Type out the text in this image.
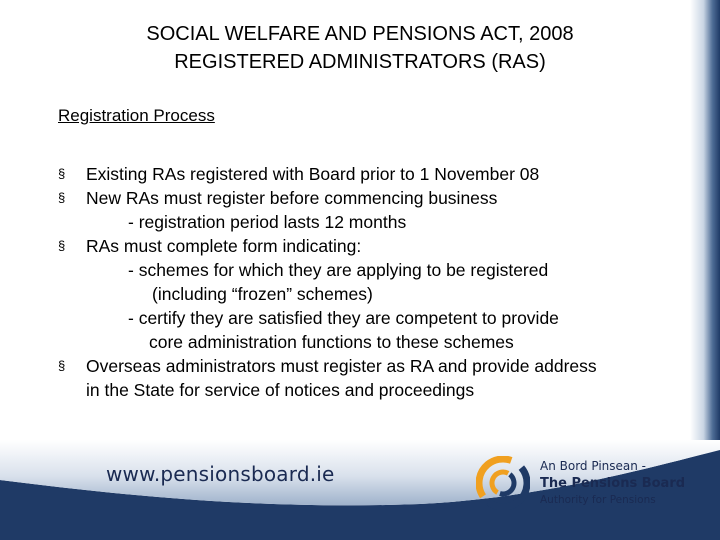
SOCIAL WELFARE AND PENSIONS ACT, 2008
REGISTERED ADMINISTRATORS (RAS)
Registration Process
§	Existing RAs registered with Board prior to 1 November 08
§	New RAs must register before commencing business
- registration period lasts 12 months
§	RAs must complete form indicating:
- schemes for which they are applying to be registered
(including “frozen” schemes)
- certify they are satisfied they are competent to provide
core administration functions to these schemes
§	Overseas administrators must register as RA and provide address
in the State for service of notices and proceedings
www.pensionsboard.ie	An Bord Pinsean -
The Pensions Board
Authority for Pensions
